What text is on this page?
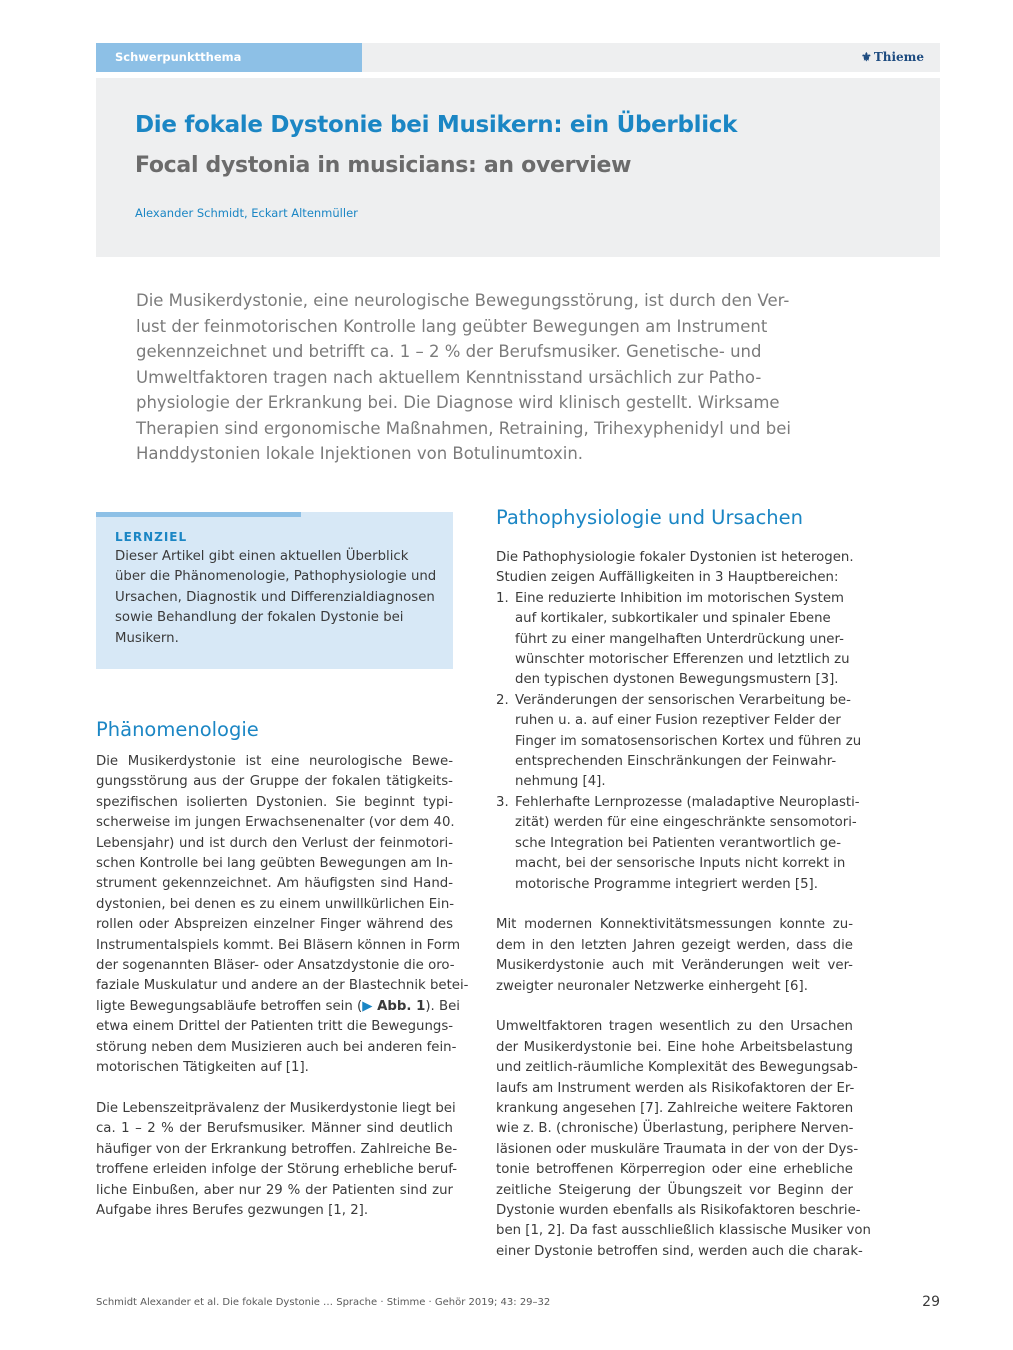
Schwerpunktthema	⚜ Thieme
Die fokale Dystonie bei Musikern: ein Überblick
Focal dystonia in musicians: an overview
Alexander Schmidt, Eckart Altenmüller

Die Musikerdystonie, eine neurologische Bewegungsstörung, ist durch den Ver-

lust der feinmotorischen Kontrolle lang geübter Bewegungen am Instrument

gekennzeichnet und betrifft ca. 1 – 2 % der Berufsmusiker. Genetische- und

Umweltfaktoren tragen nach aktuellem Kenntnisstand ursächlich zur Patho-

physiologie der Erkrankung bei. Die Diagnose wird klinisch gestellt. Wirksame

Therapien sind ergonomische Maßnahmen, Retraining, Trihexyphenidyl und bei

Handdystonien lokale Injektionen von Botulinumtoxin.

LERNZIEL

Dieser Artikel gibt einen aktuellen Überblick

über die Phänomenologie, Pathophysiologie und

Ursachen, Diagnostik und Differenzialdiagnosen

sowie Behandlung der fokalen Dystonie bei

Musikern.

Phänomenologie

Die Musikerdystonie ist eine neurologische Bewe-

gungsstörung aus der Gruppe der fokalen tätigkeits-

spezifischen isolierten Dystonien. Sie beginnt typi-

scherweise im jungen Erwachsenenalter (vor dem 40.

Lebensjahr) und ist durch den Verlust der feinmotori-

schen Kontrolle bei lang geübten Bewegungen am In-

strument gekennzeichnet. Am häufigsten sind Hand-

dystonien, bei denen es zu einem unwillkürlichen Ein-

rollen oder Abspreizen einzelner Finger während des

Instrumentalspiels kommt. Bei Bläsern können in Form

der sogenannten Bläser- oder Ansatzdystonie die oro-

faziale Muskulatur und andere an der Blastechnik betei-

ligte Bewegungsabläufe betroffen sein (▶ Abb. 1). Bei

etwa einem Drittel der Patienten tritt die Bewegungs-

störung neben dem Musizieren auch bei anderen fein-

motorischen Tätigkeiten auf [1].

Die Lebenszeitprävalenz der Musikerdystonie liegt bei

ca. 1 – 2 % der Berufsmusiker. Männer sind deutlich

häufiger von der Erkrankung betroffen. Zahlreiche Be-

troffene erleiden infolge der Störung erhebliche beruf-

liche Einbußen, aber nur 29 % der Patienten sind zur

Aufgabe ihres Berufes gezwungen [1, 2].

Pathophysiologie und Ursachen

Die Pathophysiologie fokaler Dystonien ist heterogen.

Studien zeigen Auffälligkeiten in 3 Hauptbereichen:

1. Eine reduzierte Inhibition im motorischen System

auf kortikaler, subkortikaler und spinaler Ebene

führt zu einer mangelhaften Unterdrückung uner-

wünschter motorischer Efferenzen und letztlich zu

den typischen dystonen Bewegungsmustern [3].

2. Veränderungen der sensorischen Verarbeitung be-

ruhen u. a. auf einer Fusion rezeptiver Felder der

Finger im somatosensorischen Kortex und führen zu

entsprechenden Einschränkungen der Feinwahr-

nehmung [4].

3. Fehlerhafte Lernprozesse (maladaptive Neuroplasti-

zität) werden für eine eingeschränkte sensomotori-

sche Integration bei Patienten verantwortlich ge-

macht, bei der sensorische Inputs nicht korrekt in

motorische Programme integriert werden [5].

Mit modernen Konnektivitätsmessungen konnte zu-

dem in den letzten Jahren gezeigt werden, dass die

Musikerdystonie auch mit Veränderungen weit ver-

zweigter neuronaler Netzwerke einhergeht [6].

Umweltfaktoren tragen wesentlich zu den Ursachen

der Musikerdystonie bei. Eine hohe Arbeitsbelastung

und zeitlich-räumliche Komplexität des Bewegungsab-

laufs am Instrument werden als Risikofaktoren der Er-

krankung angesehen [7]. Zahlreiche weitere Faktoren

wie z. B. (chronische) Überlastung, periphere Nerven-

läsionen oder muskuläre Traumata in der von der Dys-

tonie betroffenen Körperregion oder eine erhebliche

zeitliche Steigerung der Übungszeit vor Beginn der

Dystonie wurden ebenfalls als Risikofaktoren beschrie-

ben [1, 2]. Da fast ausschließlich klassische Musiker von

einer Dystonie betroffen sind, werden auch die charak-

Schmidt Alexander et al. Die fokale Dystonie … Sprache · Stimme · Gehör 2019; 43: 29–32	29
